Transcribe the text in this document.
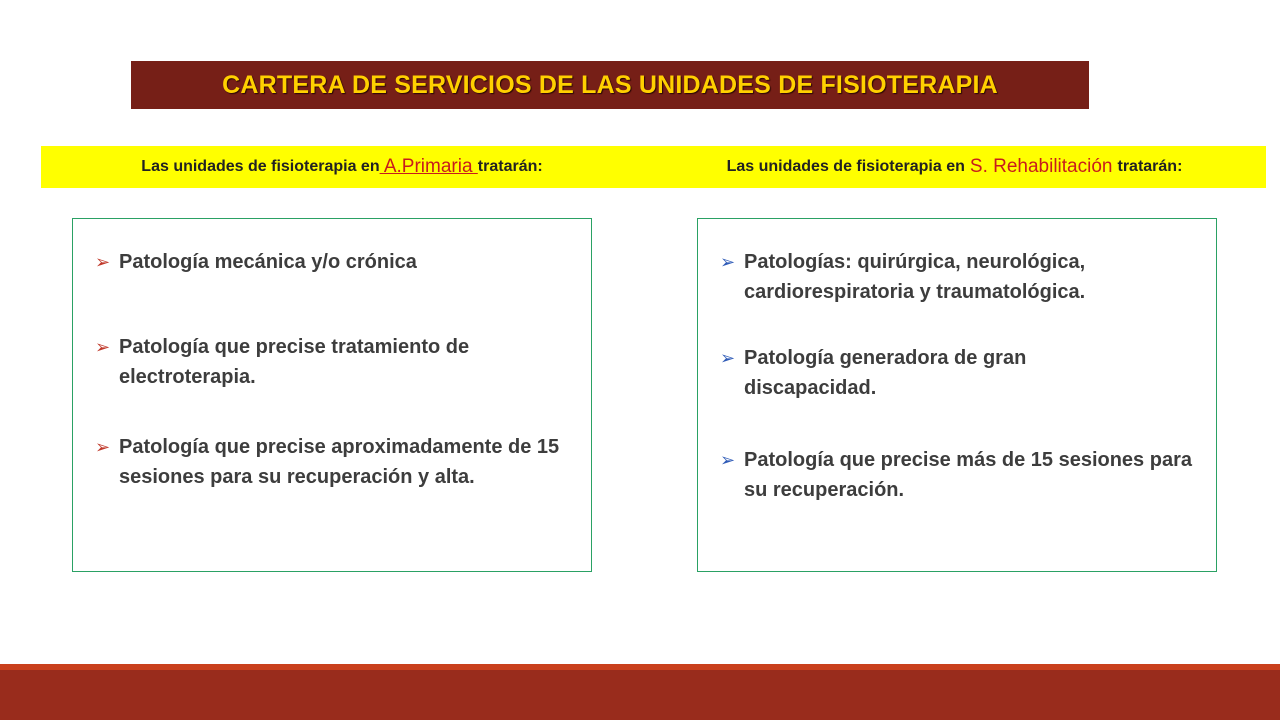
CARTERA DE SERVICIOS DE LAS UNIDADES DE FISIOTERAPIA
Las unidades de fisioterapia en A.Primaria tratarán:	Las unidades de fisioterapia en S. Rehabilitación tratarán:
➢ Patología mecánica y/o crónica
➢ Patología que precise tratamiento de electroterapia.
➢ Patología que precise aproximadamente de 15 sesiones para su recuperación y alta.
➢ Patologías: quirúrgica, neurológica, cardiorespiratoria y traumatológica.
➢ Patología generadora de gran discapacidad.
➢ Patología que precise más de 15 sesiones para su recuperación.
